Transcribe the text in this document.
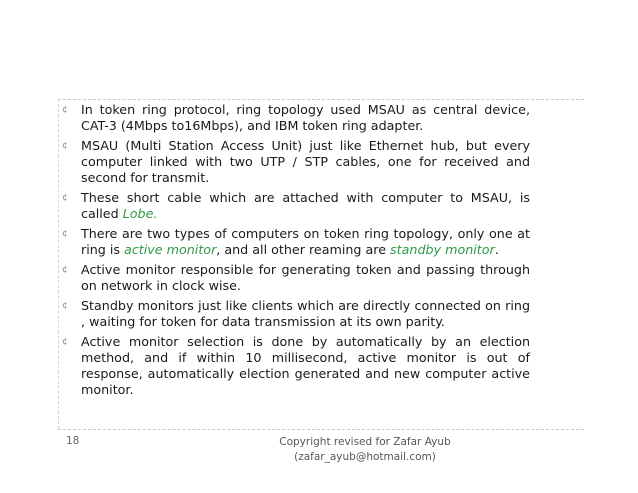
¢ In token ring protocol, ring topology used MSAU as central device, CAT-3 (4Mbps to16Mbps), and IBM token ring adapter.
¢ MSAU (Multi Station Access Unit) just like Ethernet hub, but every computer linked with two UTP / STP cables, one for received and second for transmit.
¢ These short cable which are attached with computer to MSAU, is called Lobe.
¢ There are two types of computers on token ring topology, only one at ring is active monitor, and all other reaming are standby monitor.
¢ Active monitor responsible for generating token and passing through on network in clock wise.
¢ Standby monitors just like clients which are directly connected on ring , waiting for token for data transmission at its own parity.
¢ Active monitor selection is done by automatically by an election method, and if within 10 millisecond, active monitor is out of response, automatically election generated and new computer active monitor.
18	Copyright revised for Zafar Ayub
(zafar_ayub@hotmail.com)
